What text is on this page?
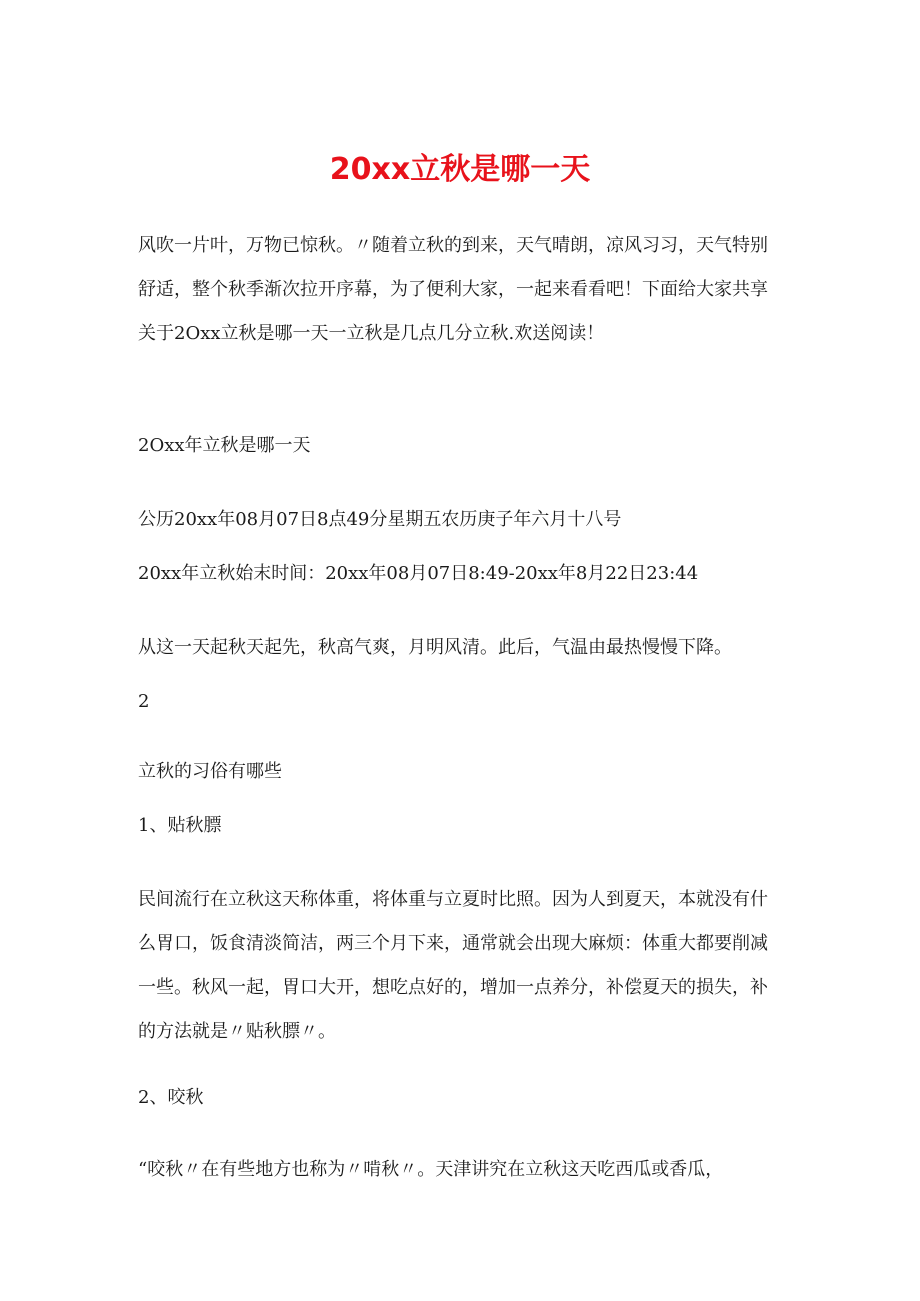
20xx立秋是哪一天
风吹一片叶，万物已惊秋。〃随着立秋的到来，天气晴朗，凉风习习，天气特别
舒适，整个秋季渐次拉开序幕，为了便利大家，一起来看看吧！下面给大家共享
关于2Oxx立秋是哪一天一立秋是几点几分立秋.欢送阅读！
2Oxx年立秋是哪一天
公历20xx年08月07日8点49分星期五农历庚子年六月十八号
20xx年立秋始末时间：20xx年08月07日8:49-20xx年8月22日23:44
从这一天起秋天起先，秋高气爽，月明风清。此后，气温由最热慢慢下降。
2
立秋的习俗有哪些
1、贴秋膘
民间流行在立秋这天称体重，将体重与立夏时比照。因为人到夏天，本就没有什
么胃口，饭食清淡简洁，两三个月下来，通常就会出现大麻烦：体重大都要削减
一些。秋风一起，胃口大开，想吃点好的，增加一点养分，补偿夏天的损失，补
的方法就是〃贴秋膘〃。
2、咬秋
“咬秋〃在有些地方也称为〃啃秋〃。天津讲究在立秋这天吃西瓜或香瓜，
